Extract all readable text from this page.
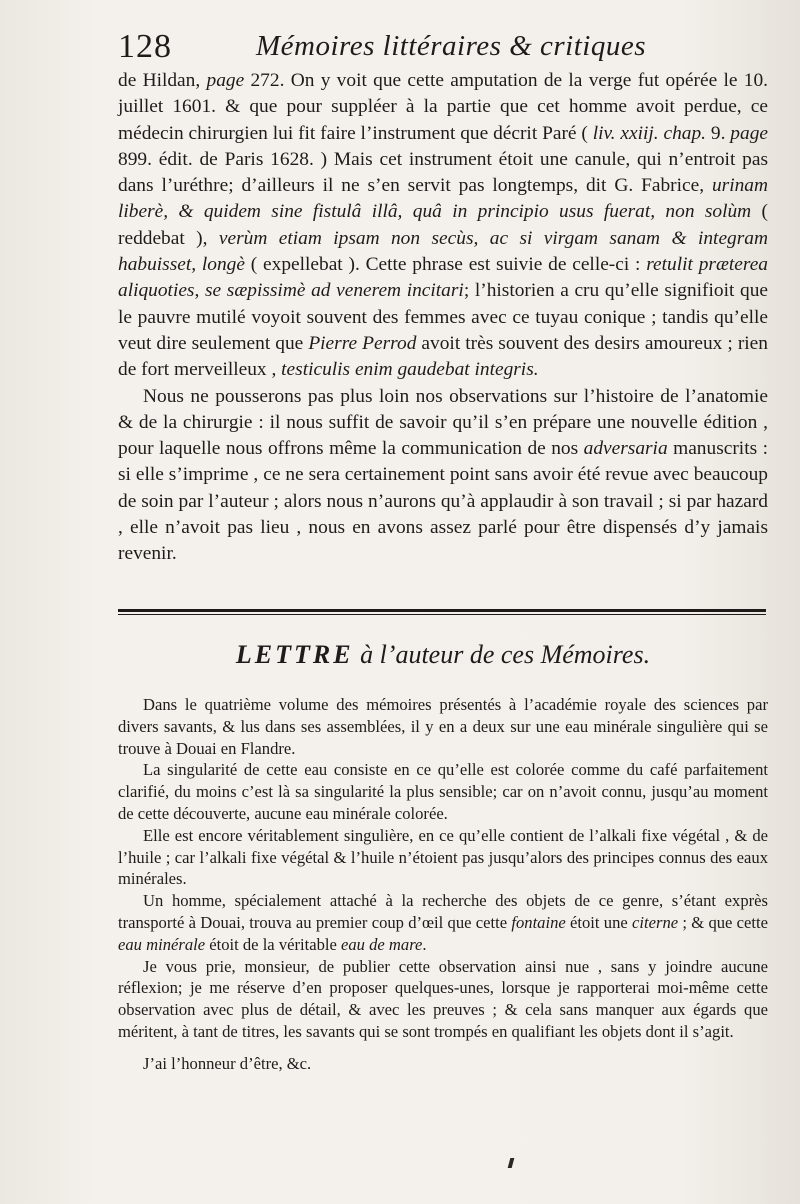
128	Mémoires littéraires & critiques

de Hildan, page 272. On y voit que cette amputation de la verge fut opérée le 10. juillet 1601. & que pour suppléer à la partie que cet homme avoit perdue, ce médecin chirurgien lui fit faire l’instrument que décrit Paré ( liv. xxiij. chap. 9. page 899. édit. de Paris 1628. ) Mais cet instrument étoit une canule, qui n’entroit pas dans l’uréthre; d’ailleurs il ne s’en servit pas longtemps, dit G. Fabrice, urinam liberè, & quidem sine fistulâ illâ, quâ in principio usus fuerat, non solùm ( reddebat ), verùm etiam ipsam non secùs, ac si virgam sanam & integram habuisset, longè ( expellebat ). Cette phrase est suivie de celle-ci : retulit præterea aliquoties, se sæpissimè ad venerem incitari; l’historien a cru qu’elle signifioit que le pauvre mutilé voyoit souvent des femmes avec ce tuyau conique ; tandis qu’elle veut dire seulement que Pierre Perrod avoit très souvent des desirs amoureux ; rien de fort merveilleux , testiculis enim gaudebat integris.

Nous ne pousserons pas plus loin nos observations sur l’histoire de l’anatomie & de la chirurgie : il nous suffit de savoir qu’il s’en prépare une nouvelle édition , pour laquelle nous offrons même la communication de nos adversaria manuscrits : si elle s’imprime , ce ne sera certainement point sans avoir été revue avec beaucoup de soin par l’auteur ; alors nous n’aurons qu’à applaudir à son travail ; si par hazard , elle n’avoit pas lieu , nous en avons assez parlé pour être dispensés d’y jamais revenir.

LETTRE à l’auteur de ces Mémoires.

Dans le quatrième volume des mémoires présentés à l’académie royale des sciences par divers savants, & lus dans ses assemblées, il y en a deux sur une eau minérale singulière qui se trouve à Douai en Flandre.

La singularité de cette eau consiste en ce qu’elle est colorée comme du café parfaitement clarifié, du moins c’est là sa singularité la plus sensible; car on n’avoit connu, jusqu’au moment de cette découverte, aucune eau minérale colorée.

Elle est encore véritablement singulière, en ce qu’elle contient de l’alkali fixe végétal , & de l’huile ; car l’alkali fixe végétal & l’huile n’étoient pas jusqu’alors des principes connus des eaux minérales.

Un homme, spécialement attaché à la recherche des objets de ce genre, s’étant exprès transporté à Douai, trouva au premier coup d’œil que cette fontaine étoit une citerne ; & que cette eau minérale étoit de la véritable eau de mare.

Je vous prie, monsieur, de publier cette observation ainsi nue , sans y joindre aucune réflexion; je me réserve d’en proposer quelques-unes, lorsque je rapporterai moi-même cette observation avec plus de détail, & avec les preuves ; & cela sans manquer aux égards que méritent, à tant de titres, les savants qui se sont trompés en qualifiant les objets dont il s’agit.

J’ai l’honneur d’être, &c.
